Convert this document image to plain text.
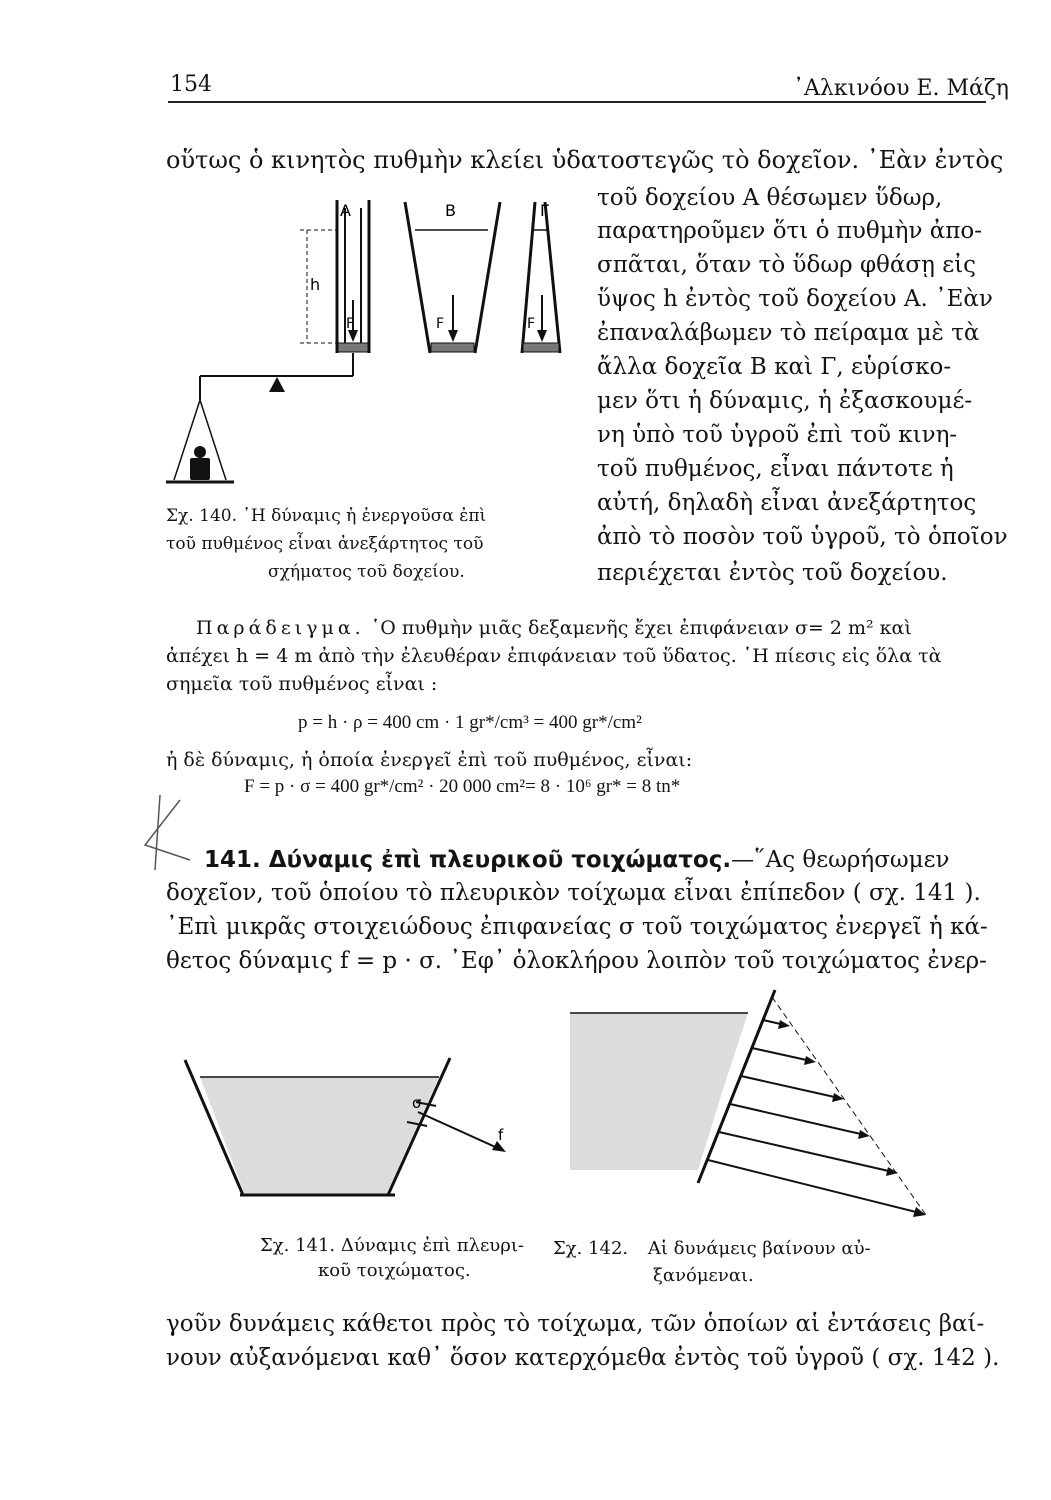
154	᾿Αλκινόου Ε. Μάζη
οὕτως ὁ κινητὸς πυθμὴν κλείει ὑδατοστεγῶς τὸ δοχεῖον. ᾿Εὰν ἐντὸς
τοῦ δοχείου Α θέσωμεν ὕδωρ,
παρατηροῦμεν ὅτι ὁ πυθμὴν ἀπο-
σπᾶται, ὅταν τὸ ὕδωρ φθάσῃ εἰς
ὕψος h ἐντὸς τοῦ δοχείου Α. ᾿Εὰν
ἐπαναλάβωμεν τὸ πείραμα μὲ τὰ
ἄλλα δοχεῖα Β καὶ Γ, εὑρίσκο-
μεν ὅτι ἡ δύναμις, ἡ ἐξασκουμέ-
νη ὑπὸ τοῦ ὑγροῦ ἐπὶ τοῦ κινη-
τοῦ πυθμένος, εἶναι πάντοτε ἡ
αὐτή, δηλαδὴ εἶναι ἀνεξάρτητος
ἀπὸ τὸ ποσὸν τοῦ ὑγροῦ, τὸ ὁποῖον
περιέχεται ἐντὸς τοῦ δοχείου.
Α	Β	Γ
h
F	F	F
Σχ. 140. ῾Η δύναμις ἡ ἐνεργοῦσα ἐπὶ
τοῦ πυθμένος εἶναι ἀνεξάρτητος τοῦ
σχήματος τοῦ δοχείου.
Παράδειγμα. ῾Ο πυθμὴν μιᾶς δεξαμενῆς ἔχει ἐπιφάνειαν σ= 2 m² καὶ
ἀπέχει h = 4 m ἀπὸ τὴν ἐλευθέραν ἐπιφάνειαν τοῦ ὕδατος. ῾Η πίεσις εἰς ὅλα τὰ
σημεῖα τοῦ πυθμένος εἶναι :
p = h · ρ = 400 cm · 1 gr*/cm³ = 400 gr*/cm²
ἡ δὲ δύναμις, ἡ ὁποία ἐνεργεῖ ἐπὶ τοῦ πυθμένος, εἶναι:
F = p · σ = 400 gr*/cm² · 20 000 cm²= 8 · 10⁶ gr* = 8 tn*
141. Δύναμις ἐπὶ πλευρικοῦ τοιχώματος.—῞Ας θεωρήσωμεν
δοχεῖον, τοῦ ὁποίου τὸ πλευρικὸν τοίχωμα εἶναι ἐπίπεδον ( σχ. 141 ).
᾿Επὶ μικρᾶς στοιχειώδους ἐπιφανείας σ τοῦ τοιχώματος ἐνεργεῖ ἡ κά-
θετος δύναμις f = p · σ. ᾿Εφ᾿ ὁλοκλήρου λοιπὸν τοῦ τοιχώματος ἐνερ-
σ
f
Σχ. 141. Δύναμις ἐπὶ πλευρι-
κοῦ τοιχώματος.
Σχ. 142. Αἱ δυνάμεις βαίνουν αὐ-
ξανόμεναι.
γοῦν δυνάμεις κάθετοι πρὸς τὸ τοίχωμα, τῶν ὁποίων αἱ ἐντάσεις βαί-
νουν αὐξανόμεναι καθ᾿ ὅσον κατερχόμεθα ἐντὸς τοῦ ὑγροῦ ( σχ. 142 ).
